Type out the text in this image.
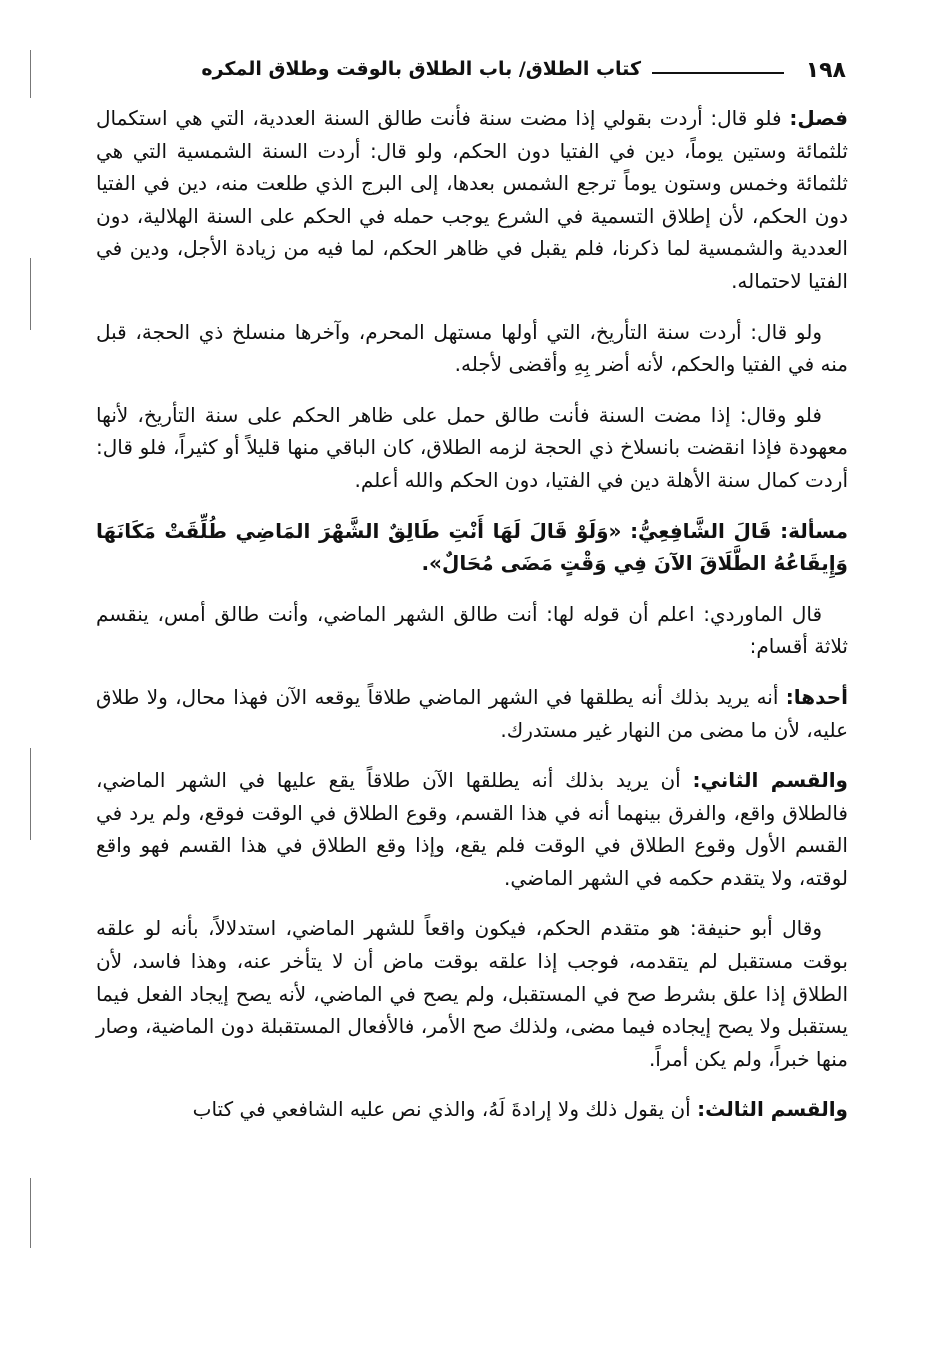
١٩٨
كتاب الطلاق/ باب الطلاق بالوقت وطلاق المكره

فصل: فلو قال: أردت بقولي إذا مضت سنة فأنت طالق السنة العددية، التي هي استكمال ثلثمائة وستين يوماً، دين في الفتيا دون الحكم، ولو قال: أردت السنة الشمسية التي هي ثلثمائة وخمس وستون يوماً ترجع الشمس بعدها، إلى البرج الذي طلعت منه، دين في الفتيا دون الحكم، لأن إطلاق التسمية في الشرع يوجب حمله في الحكم على السنة الهلالية، دون العددية والشمسية لما ذكرنا، فلم يقبل في ظاهر الحكم، لما فيه من زيادة الأجل، ودين في الفتيا لاحتماله.

ولو قال: أردت سنة التأريخ، التي أولها مستهل المحرم، وآخرها منسلخ ذي الحجة، قبل منه في الفتيا والحكم، لأنه أضر بِهِ وأقضى لأجله.

فلو وقال: إذا مضت السنة فأنت طالق حمل على ظاهر الحكم على سنة التأريخ، لأنها معهودة فإذا انقضت بانسلاخ ذي الحجة لزمه الطلاق، كان الباقي منها قليلاً أو كثيراً، فلو قال: أردت كمال سنة الأهلة دين في الفتيا، دون الحكم والله أعلم.

مسألة: قَالَ الشَّافِعِيُّ: «وَلَوْ قَالَ لَهَا أَنْتِ طَالِقٌ الشَّهْرَ المَاضِي طُلِّقَتْ مَكَانَهَا وَإِيقَاعُهُ الطَّلَاقَ الآنَ فِي وَقْتٍ مَضَى مُحَالٌ».

قال الماوردي: اعلم أن قوله لها: أنت طالق الشهر الماضي، وأنت طالق أمس، ينقسم ثلاثة أقسام:

أحدها: أنه يريد بذلك أنه يطلقها في الشهر الماضي طلاقاً يوقعه الآن فهذا محال، ولا طلاق عليه، لأن ما مضى من النهار غير مستدرك.

والقسم الثاني: أن يريد بذلك أنه يطلقها الآن طلاقاً يقع عليها في الشهر الماضي، فالطلاق واقع، والفرق بينهما أنه في هذا القسم، وقوع الطلاق في الوقت فوقع، ولم يرد في القسم الأول وقوع الطلاق في الوقت فلم يقع، وإذا وقع الطلاق في هذا القسم فهو واقع لوقته، ولا يتقدم حكمه في الشهر الماضي.

وقال أبو حنيفة: هو متقدم الحكم، فيكون واقعاً للشهر الماضي، استدلالاً، بأنه لو علقه بوقت مستقبل لم يتقدمه، فوجب إذا علقه بوقت ماض أن لا يتأخر عنه، وهذا فاسد، لأن الطلاق إذا علق بشرط صح في المستقبل، ولم يصح في الماضي، لأنه يصح إيجاد الفعل فيما يستقبل ولا يصح إيجاده فيما مضى، ولذلك صح الأمر، فالأفعال المستقبلة دون الماضية، وصار منها خبراً، ولم يكن أمراً.

والقسم الثالث: أن يقول ذلك ولا إرادةَ لَهُ، والذي نص عليه الشافعي في كتاب
